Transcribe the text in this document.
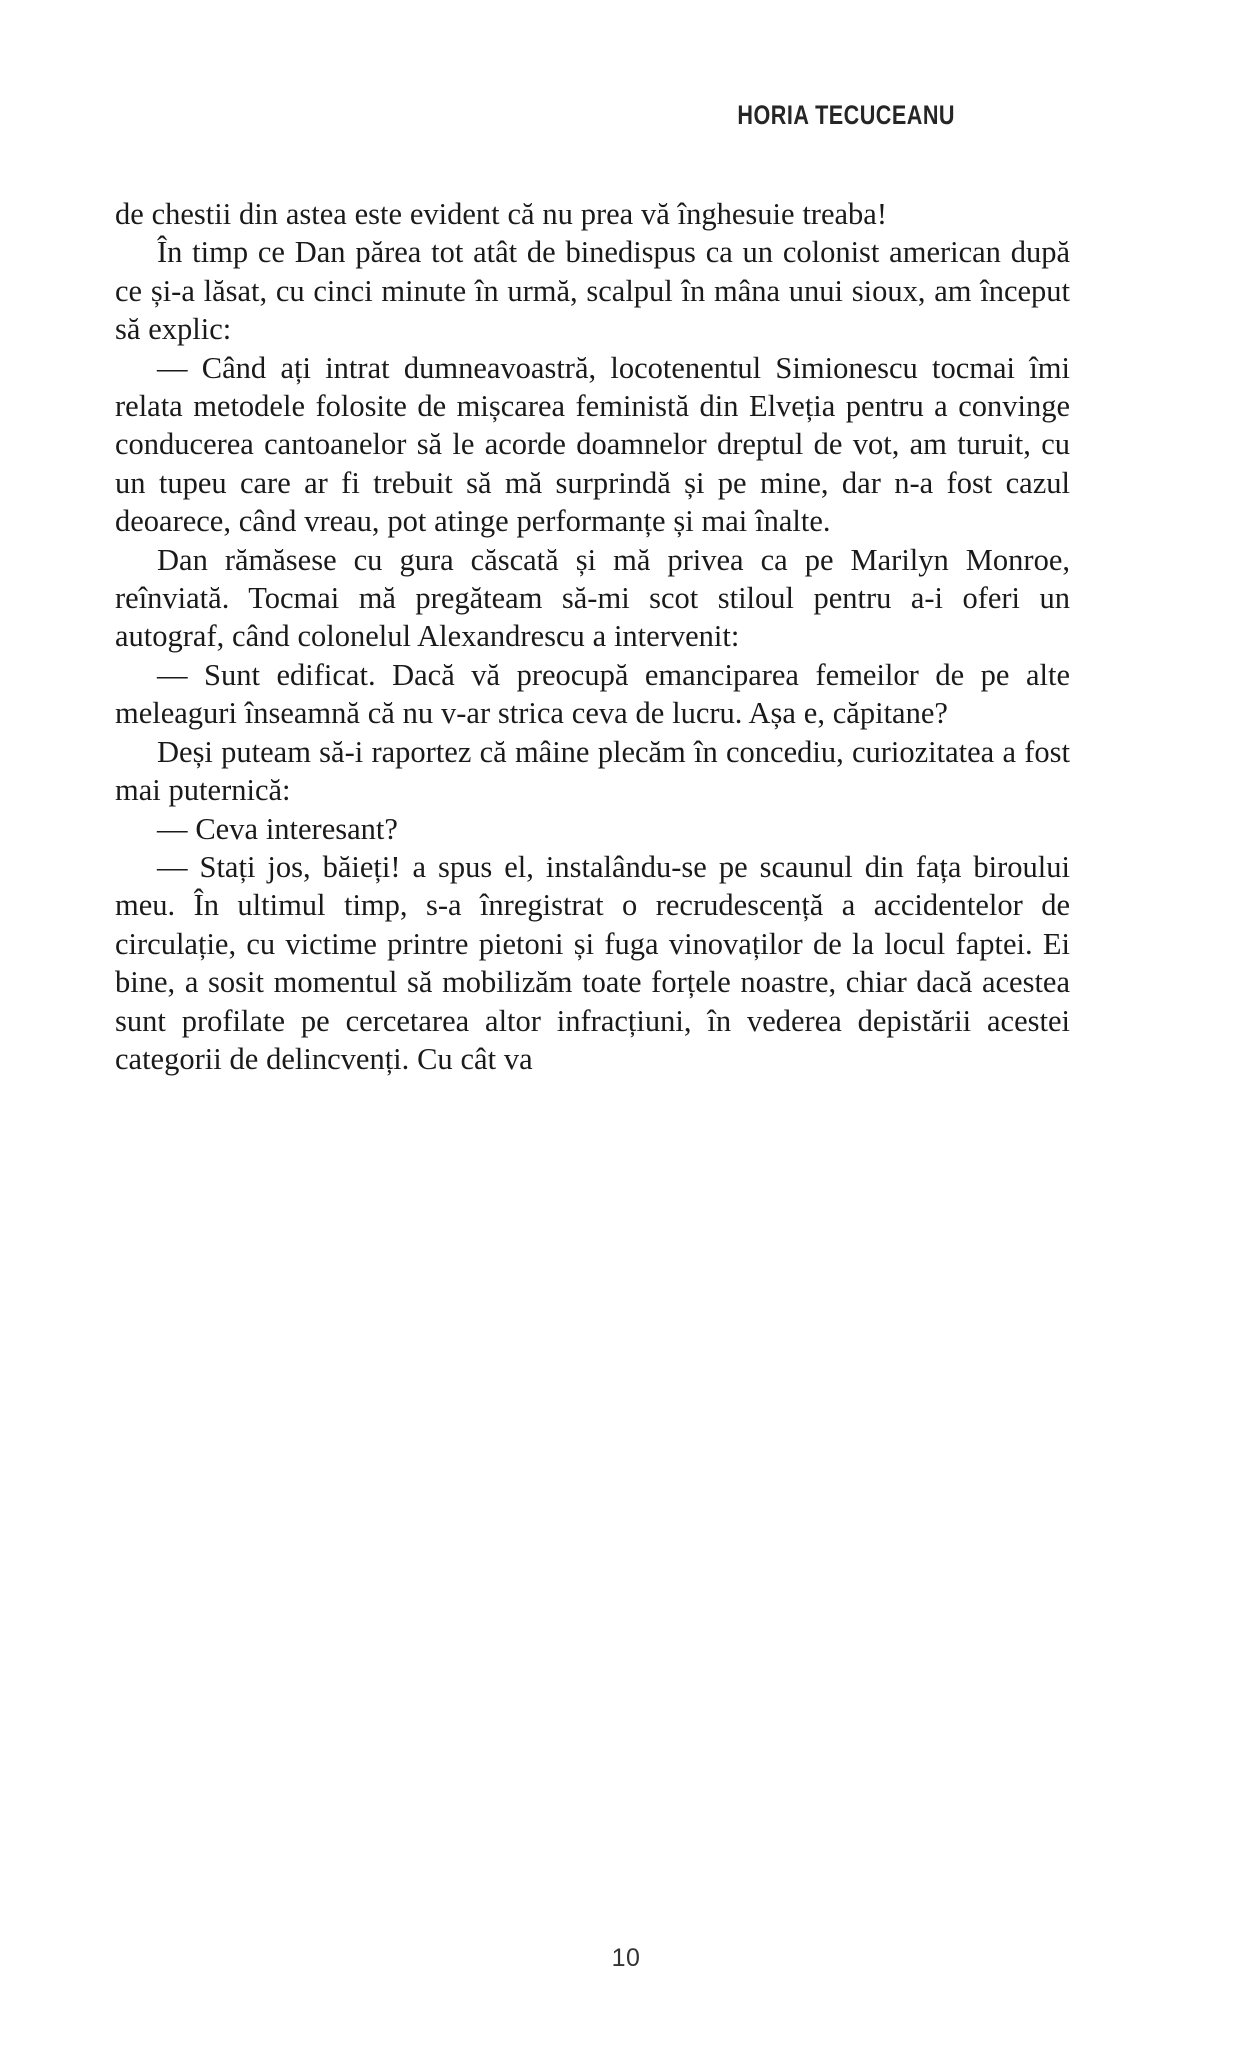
HORIA TECUCEANU

de chestii din astea este evident că nu prea vă înghesuie treaba!

În timp ce Dan părea tot atât de binedispus ca un colonist american după ce și-a lăsat, cu cinci minute în urmă, scalpul în mâna unui sioux, am început să explic:

— Când ați intrat dumneavoastră, locotenentul Simionescu tocmai îmi relata metodele folosite de mișcarea feministă din Elveția pentru a convinge conducerea cantoanelor să le acorde doamnelor dreptul de vot, am turuit, cu un tupeu care ar fi trebuit să mă surprindă și pe mine, dar n-a fost cazul deoarece, când vreau, pot atinge performanțe și mai înalte.

Dan rămăsese cu gura căscată și mă privea ca pe Marilyn Monroe, reînviată. Tocmai mă pregăteam să-mi scot stiloul pentru a-i oferi un autograf, când colonelul Alexandrescu a intervenit:

— Sunt edificat. Dacă vă preocupă emanciparea femeilor de pe alte meleaguri înseamnă că nu v-ar strica ceva de lucru. Așa e, căpitane?

Deși puteam să-i raportez că mâine plecăm în concediu, curiozitatea a fost mai puternică:

— Ceva interesant?

— Stați jos, băieți! a spus el, instalându-se pe scaunul din fața biroului meu. În ultimul timp, s-a înregistrat o recrudescență a accidentelor de circulație, cu victime printre pietoni și fuga vinovaților de la locul faptei. Ei bine, a sosit momentul să mobilizăm toate forțele noastre, chiar dacă acestea sunt profilate pe cercetarea altor infracțiuni, în vederea depistării acestei categorii de delincvenți. Cu cât va

10
